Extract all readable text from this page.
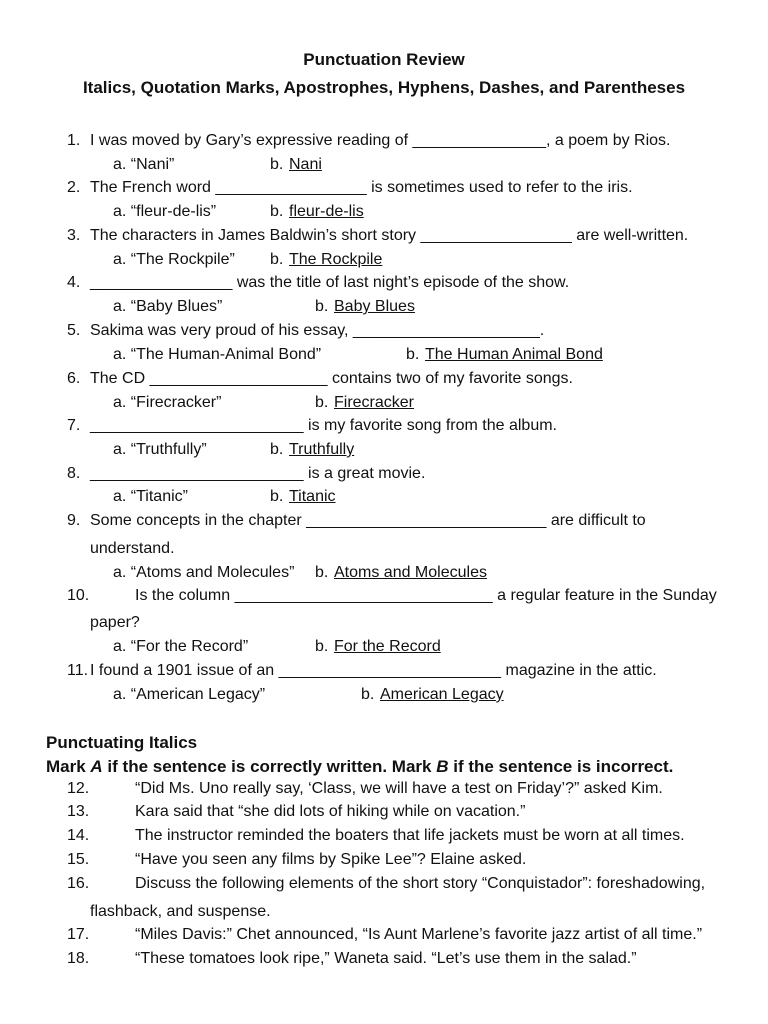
Punctuation Review
Italics, Quotation Marks, Apostrophes, Hyphens, Dashes, and Parentheses
1. I was moved by Gary’s expressive reading of _______________, a poem by Rios.
a. “Nani”	b. Nani
2. The French word _________________ is sometimes used to refer to the iris.
a. “fleur-de-lis”	b. fleur-de-lis
3. The characters in James Baldwin’s short story _________________ are well-written.
a. “The Rockpile” b. The Rockpile
4. ________________ was the title of last night’s episode of the show.
a. “Baby Blues”	b. Baby Blues
5. Sakima was very proud of his essay, _____________________.
a. “The Human-Animal Bond”	b. The Human Animal Bond
6. The CD ____________________ contains two of my favorite songs.
a. “Firecracker”	b. Firecracker
7. ________________________ is my favorite song from the album.
a. “Truthfully”	b. Truthfully
8. ________________________ is a great movie.
a. “Titanic”	b. Titanic
9. Some concepts in the chapter ___________________________ are difficult to
understand.
a. “Atoms and Molecules” b. Atoms and Molecules
10.	Is the column _____________________________ a regular feature in the Sunday
paper?
a. “For the Record”	b. For the Record
11. I found a 1901 issue of an _________________________ magazine in the attic.
a. “American Legacy”	b. American Legacy
Punctuating Italics
Mark A if the sentence is correctly written. Mark B if the sentence is incorrect.
12.	“Did Ms. Uno really say, ‘Class, we will have a test on Friday’?” asked Kim.
13.	Kara said that “she did lots of hiking while on vacation.”
14.	The instructor reminded the boaters that life jackets must be worn at all times.
15.	“Have you seen any films by Spike Lee”? Elaine asked.
16.	Discuss the following elements of the short story “Conquistador”: foreshadowing,
flashback, and suspense.
17.	“Miles Davis:” Chet announced, “Is Aunt Marlene’s favorite jazz artist of all time.”
18.	“These tomatoes look ripe,” Waneta said. “Let’s use them in the salad.”
